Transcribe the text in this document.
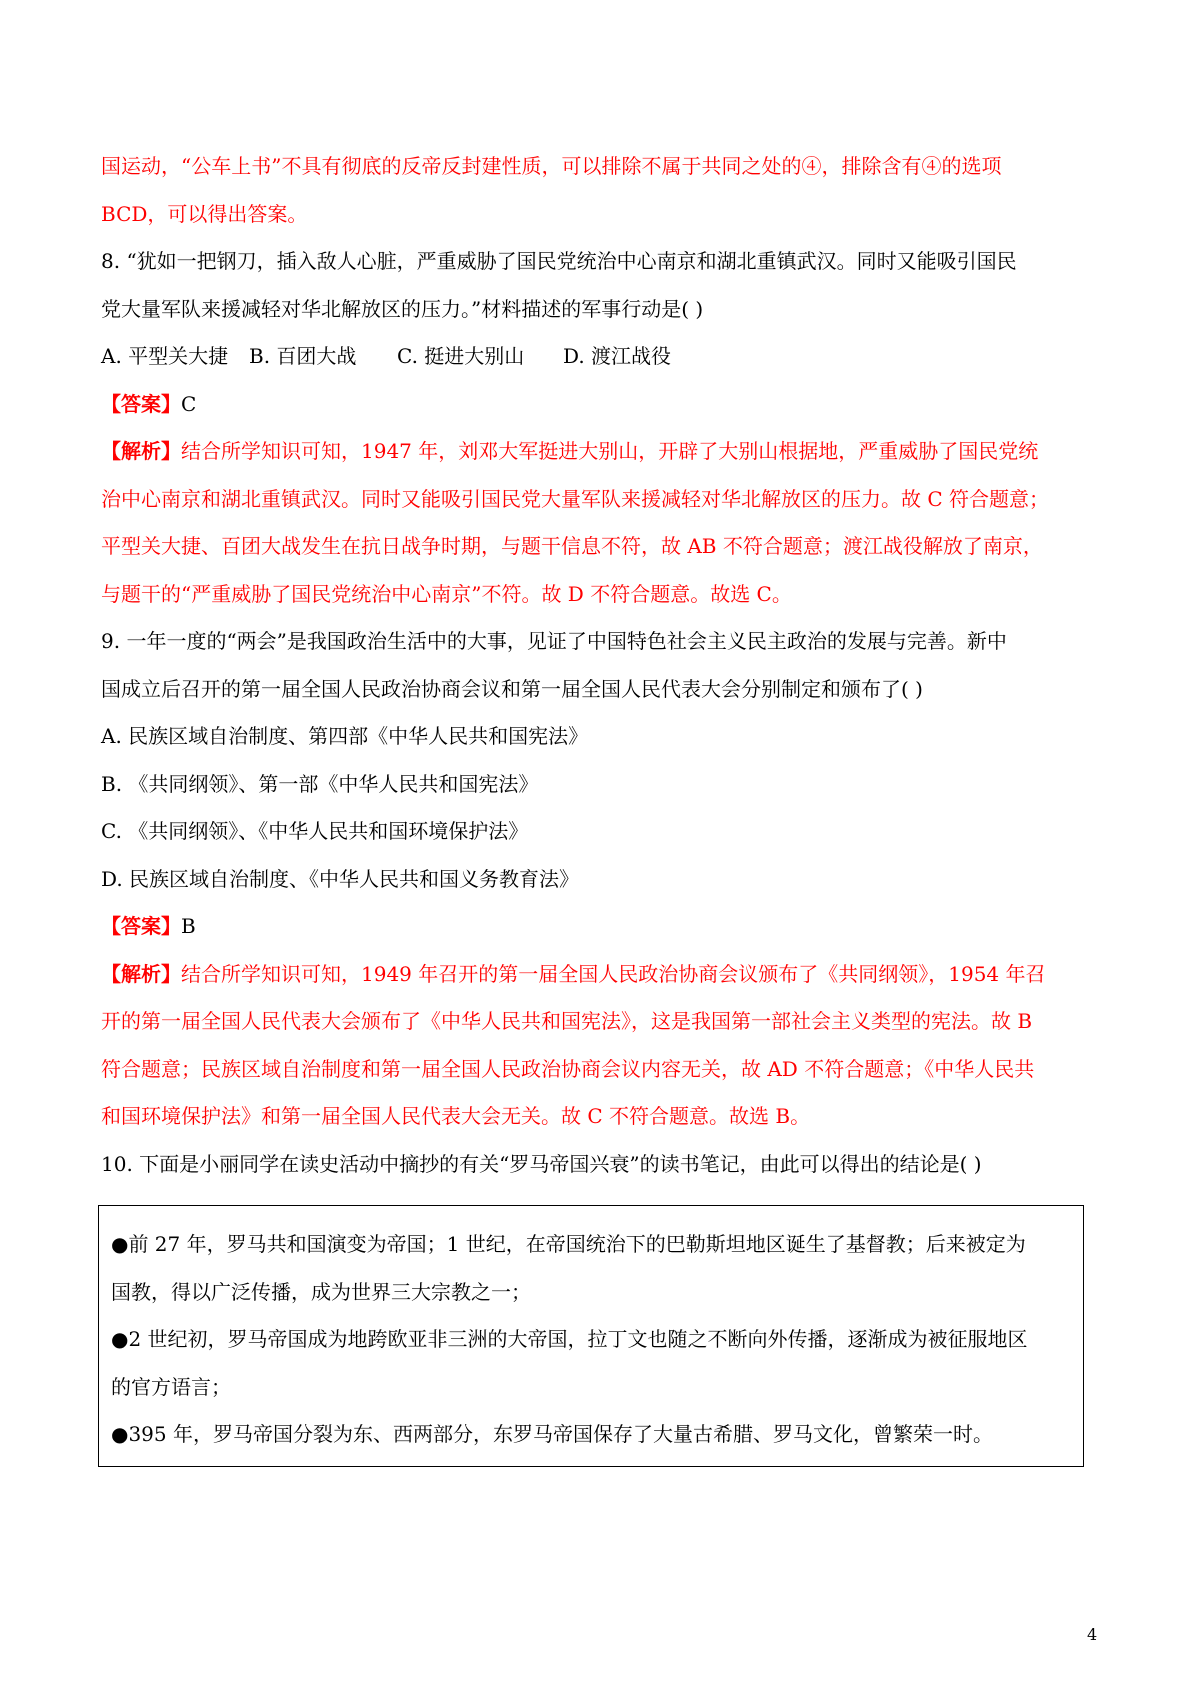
国运动，“公车上书”不具有彻底的反帝反封建性质，可以排除不属于共同之处的④，排除含有④的选项
BCD，可以得出答案。
8. “犹如一把钢刀，插入敌人心脏，严重威胁了国民党统治中心南京和湖北重镇武汉。同时又能吸引国民
党大量军队来援减轻对华北解放区的压力。”材料描述的军事行动是( )
A. 平型关大捷 B. 百团大战 C. 挺进大别山 D. 渡江战役
【答案】C
【解析】结合所学知识可知，1947 年，刘邓大军挺进大别山，开辟了大别山根据地，严重威胁了国民党统
治中心南京和湖北重镇武汉。同时又能吸引国民党大量军队来援减轻对华北解放区的压力。故 C 符合题意；
平型关大捷、百团大战发生在抗日战争时期，与题干信息不符，故 AB 不符合题意；渡江战役解放了南京，
与题干的“严重威胁了国民党统治中心南京”不符。故 D 不符合题意。故选 C。
9. 一年一度的“两会”是我国政治生活中的大事，见证了中国特色社会主义民主政治的发展与完善。新中
国成立后召开的第一届全国人民政治协商会议和第一届全国人民代表大会分别制定和颁布了( )
A. 民族区域自治制度、第四部《中华人民共和国宪法》
B. 《共同纲领》、第一部《中华人民共和国宪法》
C. 《共同纲领》、《中华人民共和国环境保护法》
D. 民族区域自治制度、《中华人民共和国义务教育法》
【答案】B
【解析】结合所学知识可知，1949 年召开的第一届全国人民政治协商会议颁布了《共同纲领》，1954 年召
开的第一届全国人民代表大会颁布了《中华人民共和国宪法》，这是我国第一部社会主义类型的宪法。故 B
符合题意；民族区域自治制度和第一届全国人民政治协商会议内容无关，故 AD 不符合题意；《中华人民共
和国环境保护法》和第一届全国人民代表大会无关。故 C 不符合题意。故选 B。
10. 下面是小丽同学在读史活动中摘抄的有关“罗马帝国兴衰”的读书笔记，由此可以得出的结论是( )
●前 27 年，罗马共和国演变为帝国；1 世纪，在帝国统治下的巴勒斯坦地区诞生了基督教；后来被定为
国教，得以广泛传播，成为世界三大宗教之一；
●2 世纪初，罗马帝国成为地跨欧亚非三洲的大帝国，拉丁文也随之不断向外传播，逐渐成为被征服地区
的官方语言；
●395 年，罗马帝国分裂为东、西两部分，东罗马帝国保存了大量古希腊、罗马文化，曾繁荣一时。
4
